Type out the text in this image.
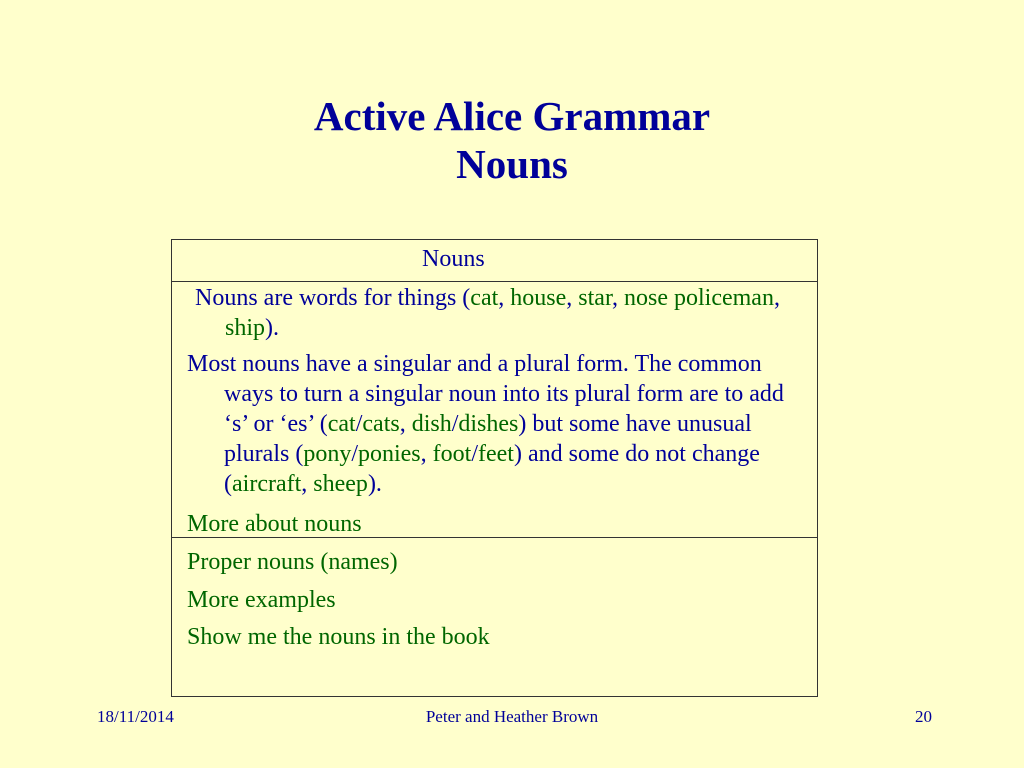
Active Alice Grammar
Nouns
Nouns
Nouns are words for things (cat, house, star, nose policeman, ship).
Most nouns have a singular and a plural form. The common ways to turn a singular noun into its plural form are to add ‘s’ or ‘es’ (cat/cats, dish/dishes) but some have unusual plurals (pony/ponies, foot/feet) and some do not change (aircraft, sheep).
More about nouns
Proper nouns (names)
More examples
Show me the nouns in the book
18/11/2014	Peter and Heather Brown	20
